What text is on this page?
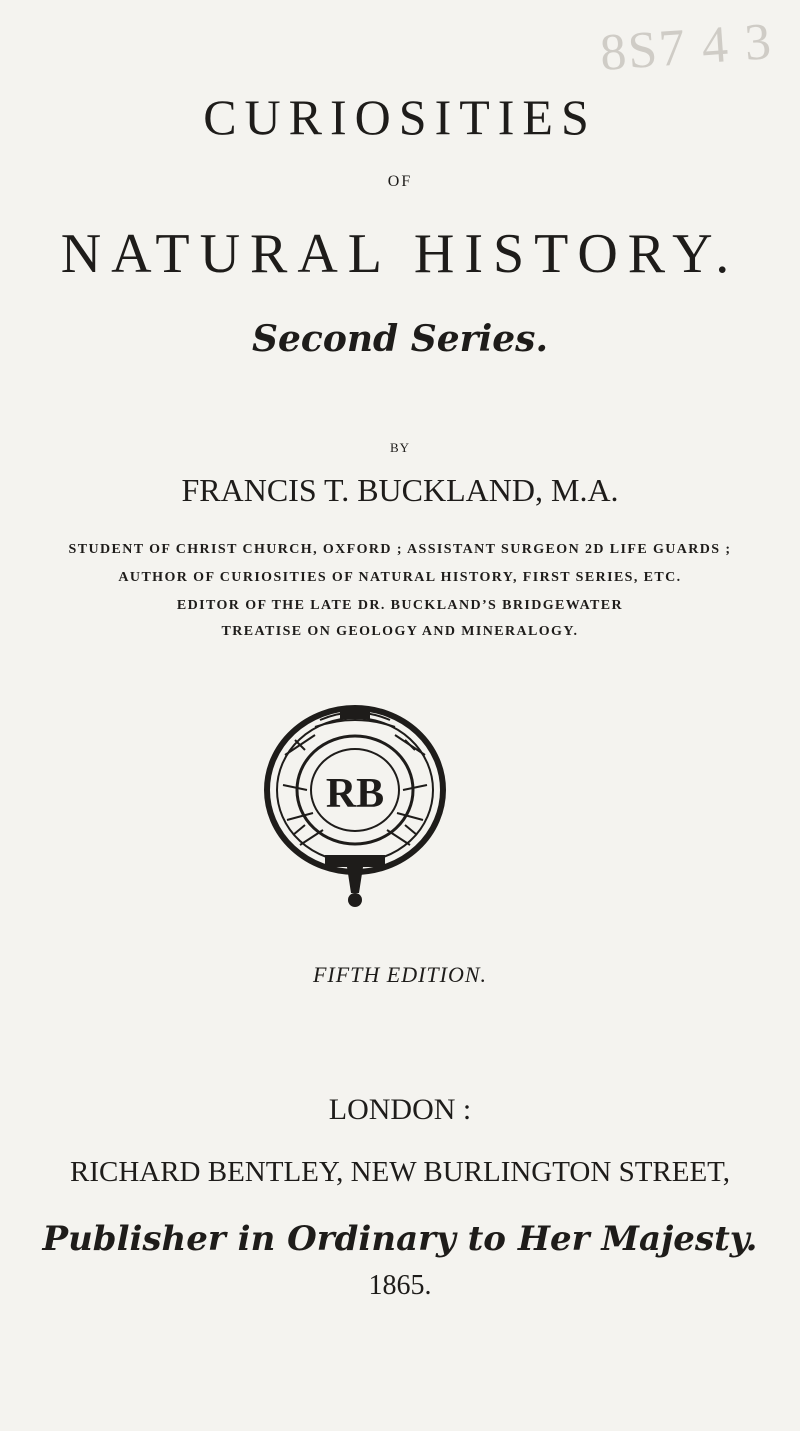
8S7 4 3
CURIOSITIES
OF
NATURAL HISTORY.
Second Series.
BY
FRANCIS T. BUCKLAND, M.A.
STUDENT OF CHRIST CHURCH, OXFORD ; ASSISTANT SURGEON 2D LIFE GUARDS ;
AUTHOR OF CURIOSITIES OF NATURAL HISTORY, FIRST SERIES, ETC.
EDITOR OF THE LATE DR. BUCKLAND’S BRIDGEWATER
TREATISE ON GEOLOGY AND MINERALOGY.
RB
FIFTH EDITION.
LONDON :
RICHARD BENTLEY, NEW BURLINGTON STREET,
Publisher in Ordinary to Her Majesty.
1865.
